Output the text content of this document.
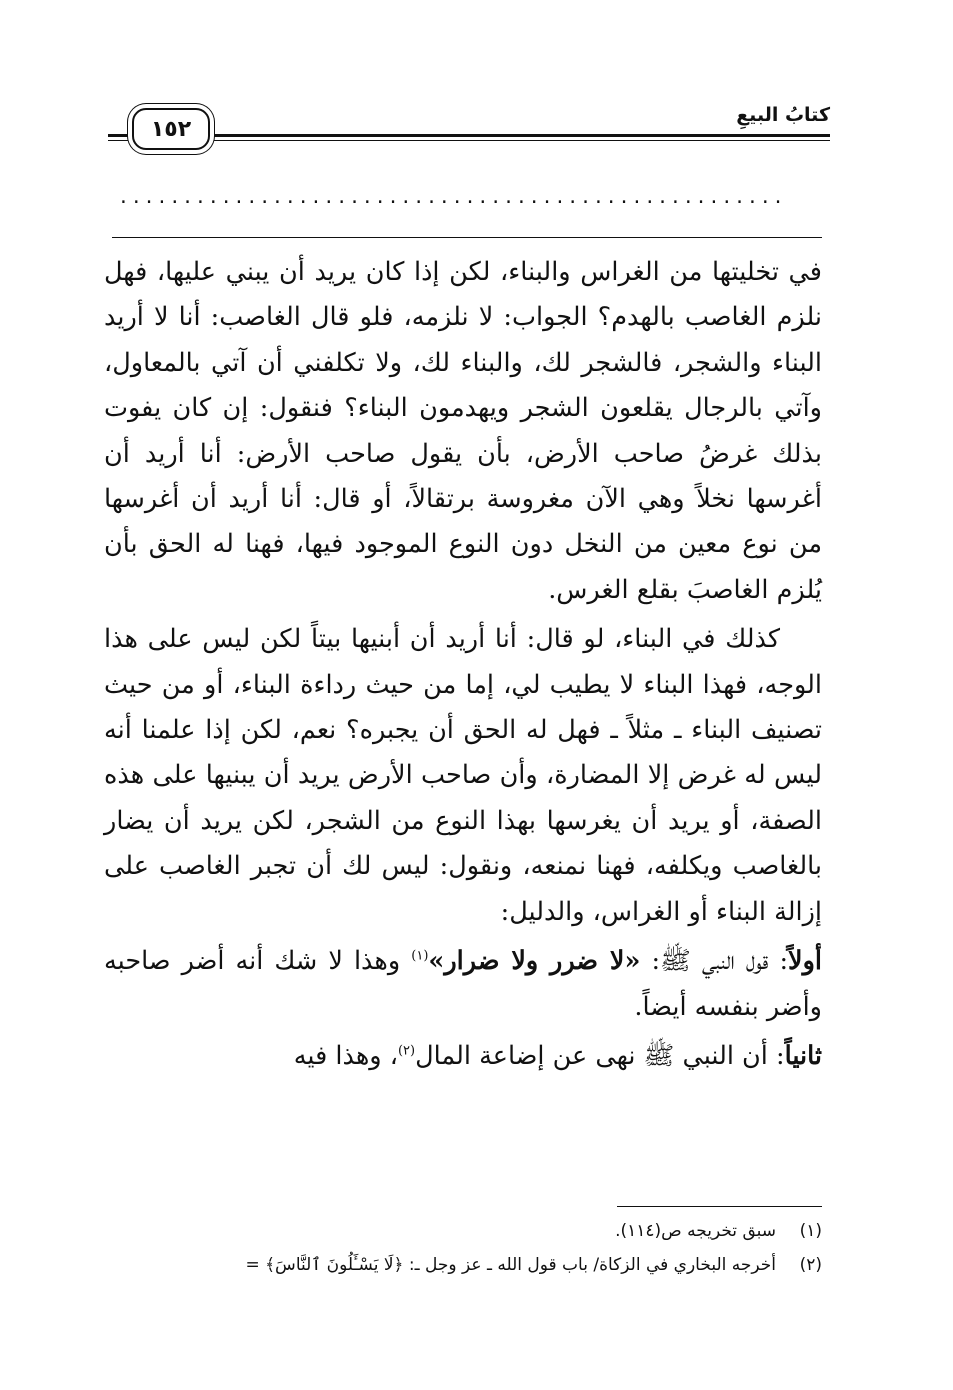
كتابُ البيعِ
١٥٢
....................................................

في تخليتها من الغراس والبناء، لكن إذا كان يريد أن يبني عليها، فهل نلزم الغاصب بالهدم؟ الجواب: لا نلزمه، فلو قال الغاصب: أنا لا أريد البناء والشجر، فالشجر لك، والبناء لك، ولا تكلفني أن آتي بالمعاول، وآتي بالرجال يقلعون الشجر ويهدمون البناء؟ فنقول: إن كان يفوت بذلك غرضُ صاحب الأرض، بأن يقول صاحب الأرض: أنا أريد أن أغرسها نخلاً وهي الآن مغروسة برتقالاً، أو قال: أنا أريد أن أغرسها من نوع معين من النخل دون النوع الموجود فيها، فهنا له الحق بأن يُلزم الغاصبَ بقلع الغرس.

كذلك في البناء، لو قال: أنا أريد أن أبنيها بيتاً لكن ليس على هذا الوجه، فهذا البناء لا يطيب لي، إما من حيث رداءة البناء، أو من حيث تصنيف البناء ـ مثلاً ـ فهل له الحق أن يجبره؟ نعم، لكن إذا علمنا أنه ليس له غرض إلا المضارة، وأن صاحب الأرض يريد أن يبنيها على هذه الصفة، أو يريد أن يغرسها بهذا النوع من الشجر، لكن يريد أن يضار بالغاصب ويكلفه، فهنا نمنعه، ونقول: ليس لك أن تجبر الغاصب على إزالة البناء أو الغراس، والدليل:

أولاً: قول النبي ﷺ: «لا ضرر ولا ضرار»$^{(١)}$ وهذا لا شك أنه أضر صاحبه وأضر بنفسه أيضاً.

ثانياً: أن النبي ﷺ نهى عن إضاعة المال$^{(٢)}$، وهذا فيه

(١)
سبق تخريجه ص(١١٤).
(٢)
أخرجه البخاري في الزكاة/ باب قول الله ـ عز وجل ـ: ﴿لَا يَسْـَٔلُونَ ٱلنَّاسَ﴾ =
